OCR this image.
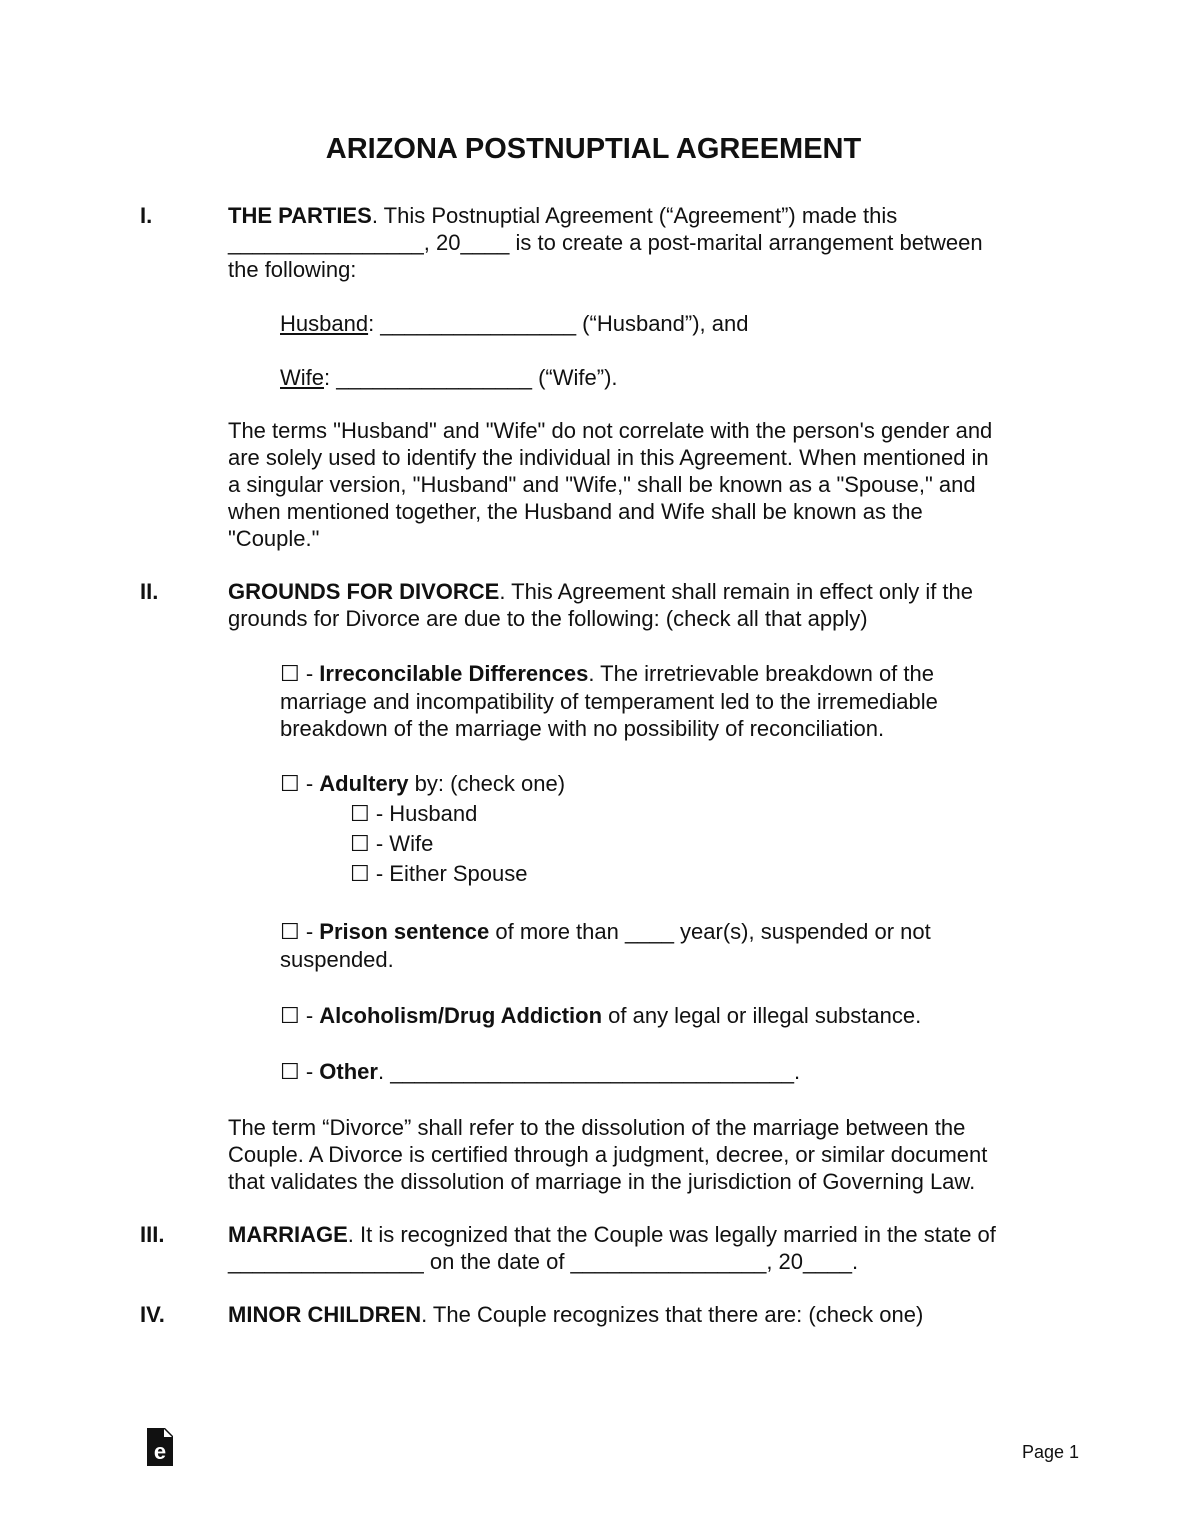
ARIZONA POSTNUPTIAL AGREEMENT
I.	THE PARTIES. This Postnuptial Agreement (“Agreement”) made this
________________, 20____ is to create a post-marital arrangement between
the following:
Husband: ________________ (“Husband”), and
Wife: ________________ (“Wife”).
The terms "Husband" and "Wife" do not correlate with the person's gender and
are solely used to identify the individual in this Agreement. When mentioned in
a singular version, "Husband" and "Wife," shall be known as a "Spouse," and
when mentioned together, the Husband and Wife shall be known as the
"Couple."
II.	GROUNDS FOR DIVORCE. This Agreement shall remain in effect only if the
grounds for Divorce are due to the following: (check all that apply)
☐ - Irreconcilable Differences. The irretrievable breakdown of the
marriage and incompatibility of temperament led to the irremediable
breakdown of the marriage with no possibility of reconciliation.
☐ - Adultery by: (check one)
☐ - Husband
☐ - Wife
☐ - Either Spouse
☐ - Prison sentence of more than ____ year(s), suspended or not
suspended.
☐ - Alcoholism/Drug Addiction of any legal or illegal substance.
☐ - Other. _________________________________.
The term “Divorce” shall refer to the dissolution of the marriage between the
Couple. A Divorce is certified through a judgment, decree, or similar document
that validates the dissolution of marriage in the jurisdiction of Governing Law.
III.	MARRIAGE. It is recognized that the Couple was legally married in the state of
________________ on the date of ________________, 20____.
IV.	MINOR CHILDREN. The Couple recognizes that there are: (check one)
e	Page 1
